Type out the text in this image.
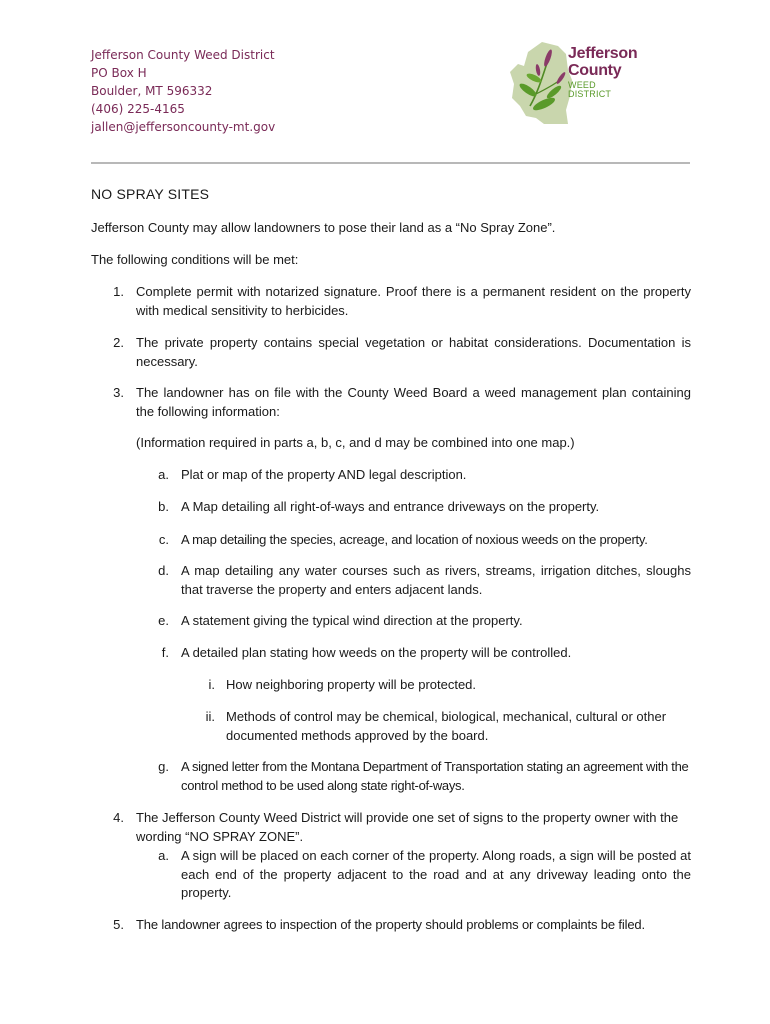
Jefferson County Weed District
PO Box H
Boulder, MT 596332
(406) 225-4165
jallen@jeffersoncounty-mt.gov
Jefferson
County
WEED
DISTRICT
NO SPRAY SITES
Jefferson County may allow landowners to pose their land as a “No Spray Zone”.
The following conditions will be met:
1. Complete permit with notarized signature. Proof there is a permanent resident on the property with medical sensitivity to herbicides.
2. The private property contains special vegetation or habitat considerations. Documentation is necessary.
3. The landowner has on file with the County Weed Board a weed management plan containing the following information:
(Information required in parts a, b, c, and d may be combined into one map.)
a. Plat or map of the property AND legal description.
b. A Map detailing all right-of-ways and entrance driveways on the property.
c. A map detailing the species, acreage, and location of noxious weeds on the property.
d. A map detailing any water courses such as rivers, streams, irrigation ditches, sloughs that traverse the property and enters adjacent lands.
e. A statement giving the typical wind direction at the property.
f. A detailed plan stating how weeds on the property will be controlled.
i. How neighboring property will be protected.
ii. Methods of control may be chemical, biological, mechanical, cultural or other documented methods approved by the board.
g. A signed letter from the Montana Department of Transportation stating an agreement with the control method to be used along state right-of-ways.
4. The Jefferson County Weed District will provide one set of signs to the property owner with the wording “NO SPRAY ZONE”.
a. A sign will be placed on each corner of the property. Along roads, a sign will be posted at each end of the property adjacent to the road and at any driveway leading onto the property.
5. The landowner agrees to inspection of the property should problems or complaints be filed.
